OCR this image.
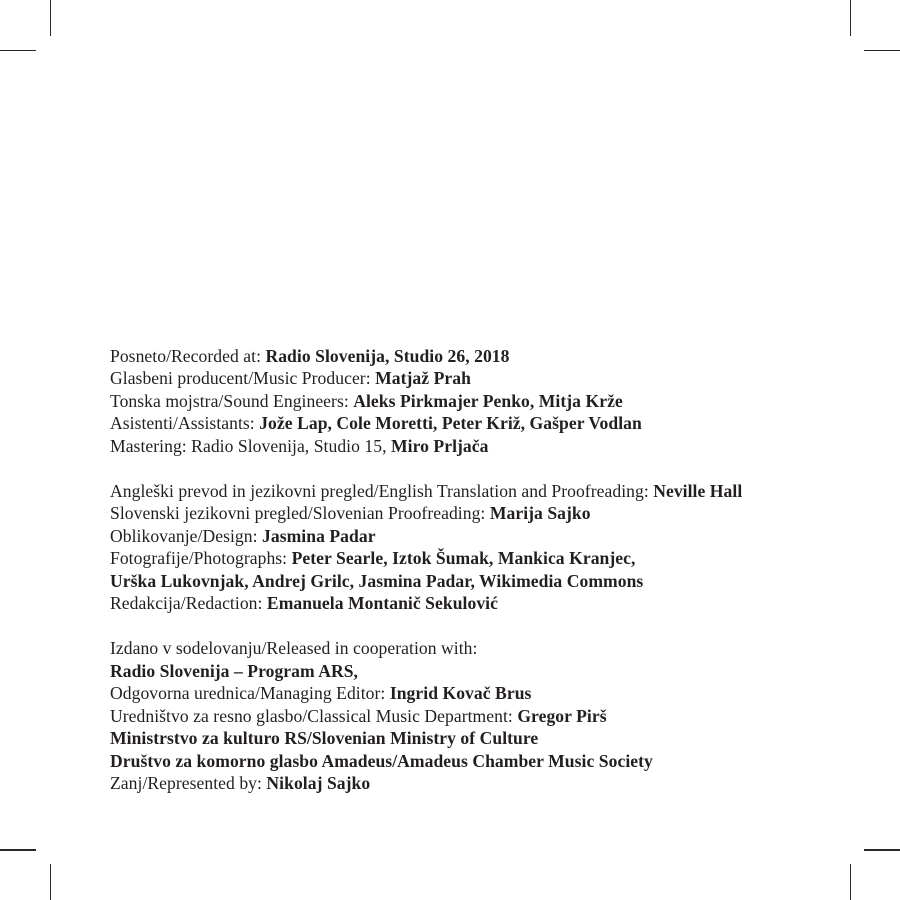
Posneto/Recorded at: Radio Slovenija, Studio 26, 2018
Glasbeni producent/Music Producer: Matjaž Prah
Tonska mojstra/Sound Engineers: Aleks Pirkmajer Penko, Mitja Krže
Asistenti/Assistants: Jože Lap, Cole Moretti, Peter Križ, Gašper Vodlan
Mastering: Radio Slovenija, Studio 15, Miro Prljača
Angleški prevod in jezikovni pregled/English Translation and Proofreading: Neville Hall
Slovenski jezikovni pregled/Slovenian Proofreading: Marija Sajko
Oblikovanje/Design: Jasmina Padar
Fotografije/Photographs: Peter Searle, Iztok Šumak, Mankica Kranjec,
Urška Lukovnjak, Andrej Grilc, Jasmina Padar, Wikimedia Commons
Redakcija/Redaction: Emanuela Montanič Sekulović
Izdano v sodelovanju/Released in cooperation with:
Radio Slovenija – Program ARS,
Odgovorna urednica/Managing Editor: Ingrid Kovač Brus
Uredništvo za resno glasbo/Classical Music Department: Gregor Pirš
Ministrstvo za kulturo RS/Slovenian Ministry of Culture
Društvo za komorno glasbo Amadeus/Amadeus Chamber Music Society
Zanj/Represented by: Nikolaj Sajko
